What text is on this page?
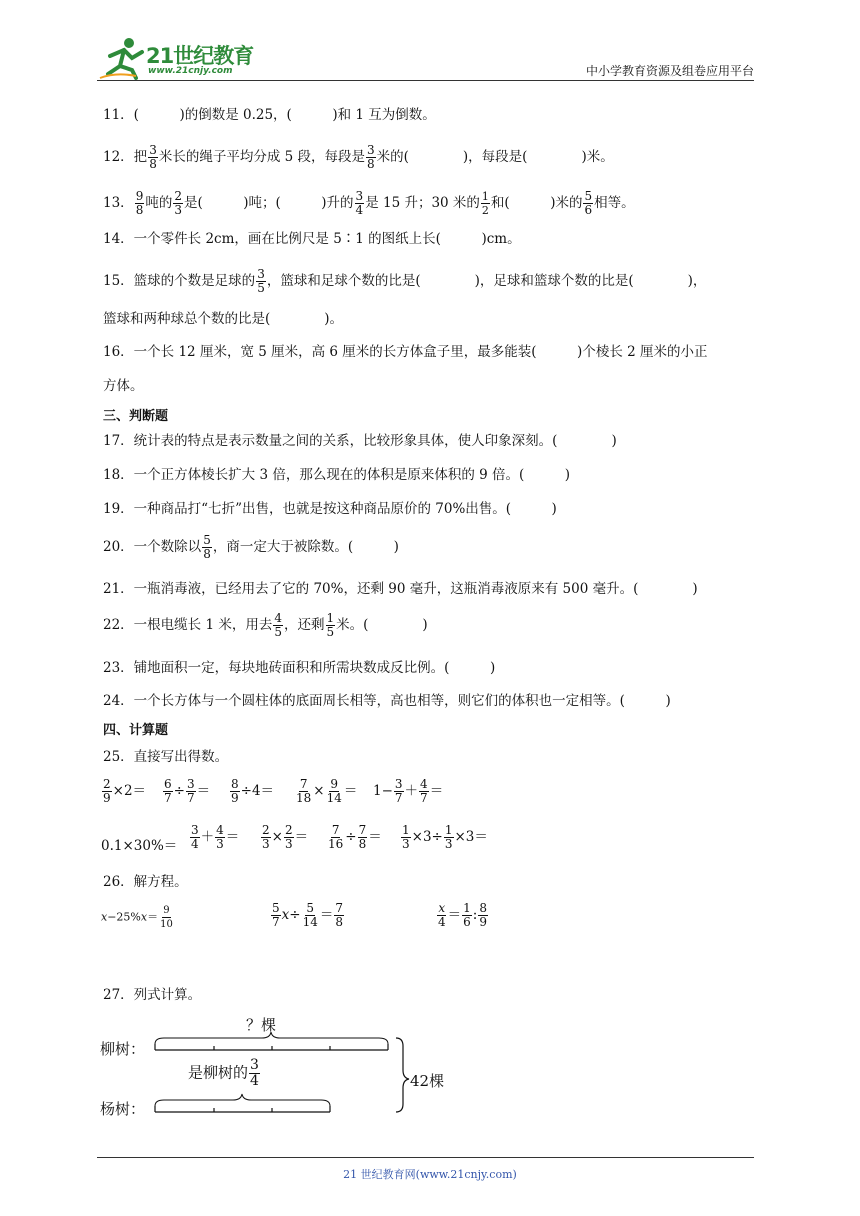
21世纪教育
www.21cnjy.com	中小学教育资源及组卷应用平台
11．(　　　)的倒数是 0.25，(　　　)和 1 互为倒数。
12．把 $\frac{3}{8}$ 米长的绳子平均分成 5 段，每段是 $\frac{3}{8}$ 米的(　　　　)，每段是(　　　　)米。
13． $\frac{9}{8}$ 吨的 $\frac{2}{3}$ 是(　　　)吨；(　　　)升的 $\frac{3}{4}$ 是 15 升；30 米的 $\frac{1}{2}$ 和(　　　)米的 $\frac{5}{6}$ 相等。
14．一个零件长 2cm，画在比例尺是 5∶1 的图纸上长(　　　)cm。
15．篮球的个数是足球的 $\frac{3}{5}$ ，篮球和足球个数的比是(　　　　)，足球和篮球个数的比是(　　　　)，
篮球和两种球总个数的比是(　　　　)。
16．一个长 12 厘米，宽 5 厘米，高 6 厘米的长方体盒子里，最多能装(　　　)个棱长 2 厘米的小正
方体。
三、判断题
17．统计表的特点是表示数量之间的关系，比较形象具体，使人印象深刻。(　　　　)
18．一个正方体棱长扩大 3 倍，那么现在的体积是原来体积的 9 倍。(　　　)
19．一种商品打“七折”出售，也就是按这种商品原价的 70%出售。(　　　)
20．一个数除以 $\frac{5}{8}$ ，商一定大于被除数。(　　　)
21．一瓶消毒液，已经用去了它的 70%，还剩 90 毫升，这瓶消毒液原来有 500 毫升。(　　　　)
22．一根电缆长 1 米，用去 $\frac{4}{5}$ ，还剩 $\frac{1}{5}$ 米。(　　　　)
23．铺地面积一定，每块地砖面积和所需块数成反比例。(　　　)
24．一个长方体与一个圆柱体的底面周长相等，高也相等，则它们的体积也一定相等。(　　　)
四、计算题
25．直接写出得数。
$\frac{2}{9} \times 2= \frac{6}{7} \div \frac{3}{7} = \frac{8}{9} \div 4= \frac{7}{18} \times \frac{9}{14} = 1- \frac{3}{7} + \frac{4}{7}$ ＝
$0.1\times 30\%= \frac{3}{4} + \frac{4}{3} = \frac{2}{3} \times \frac{2}{3} = \frac{7}{16} \div \frac{7}{8} = \frac{1}{3} \times 3\div \frac{1}{3} \times 3=$
26．解方程。
$x-25\%x= \frac{9}{10}$	$\frac{5}{7} x\div \frac{5}{14} = \frac{7}{8}$	$\frac{x}{4} = \frac{1}{6}$ : $\frac{8}{9}$
27．列式计算。
柳树：
？棵
是柳树的 $\frac{3}{4}$
杨树：
42棵
21 世纪教育网(www.21cnjy.com)
